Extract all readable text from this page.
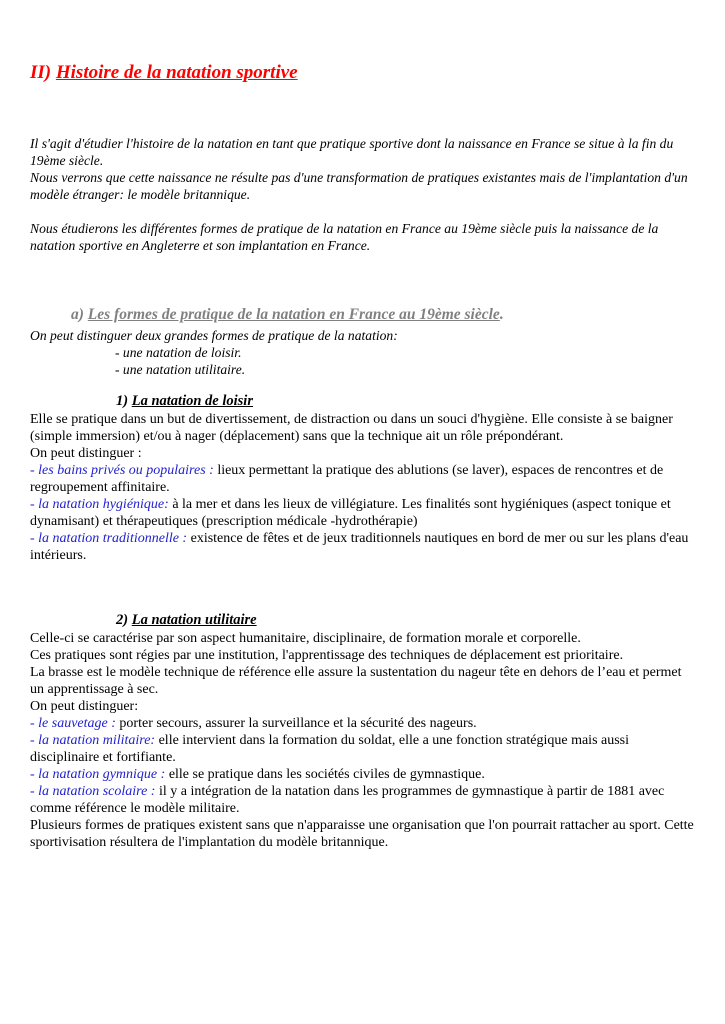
II) Histoire de la natation sportive

Il s'agit d'étudier l'histoire de la natation en tant que pratique sportive dont la naissance en France se situe à la fin du 19ème siècle.

Nous verrons que cette naissance ne résulte pas d'une transformation de pratiques existantes mais de l'implantation d'un modèle étranger: le modèle britannique.

Nous étudierons les différentes formes de pratique de la natation en France au 19ème siècle puis la naissance de la natation sportive en Angleterre et son implantation en France.

a) Les formes de pratique de la natation en France au 19ème siècle.

On peut distinguer deux grandes formes de pratique de la natation:

- une natation de loisir.

- une natation utilitaire.

1) La natation de loisir

Elle se pratique dans un but de divertissement, de distraction ou dans un souci d'hygiène. Elle consiste à se baigner (simple immersion) et/ou à nager (déplacement) sans que la technique ait un rôle prépondérant.

On peut distinguer :

- les bains privés ou populaires : lieux permettant la pratique des ablutions (se laver), espaces de rencontres et de regroupement affinitaire.

- la natation hygiénique: à la mer et dans les lieux de villégiature. Les finalités sont hygiéniques (aspect tonique et dynamisant) et thérapeutiques (prescription médicale -hydrothérapie)

- la natation traditionnelle : existence de fêtes et de jeux traditionnels nautiques en bord de mer ou sur les plans d'eau intérieurs.

2) La natation utilitaire

Celle-ci se caractérise par son aspect humanitaire, disciplinaire, de formation morale et corporelle.

Ces pratiques sont régies par une institution, l'apprentissage des techniques de déplacement est prioritaire.

La brasse est le modèle technique de référence elle assure la sustentation du nageur tête en dehors de l’eau et permet un apprentissage à sec.

On peut distinguer:

- le sauvetage : porter secours, assurer la surveillance et la sécurité des nageurs.

- la natation militaire: elle intervient dans la formation du soldat, elle a une fonction stratégique mais aussi disciplinaire et fortifiante.

- la natation gymnique : elle se pratique dans les sociétés civiles de gymnastique.

- la natation scolaire : il y a intégration de la natation dans les programmes de gymnastique à partir de 1881 avec comme référence le modèle militaire.

Plusieurs formes de pratiques existent sans que n'apparaisse une organisation que l'on pourrait rattacher au sport. Cette sportivisation résultera de l'implantation du modèle britannique.
